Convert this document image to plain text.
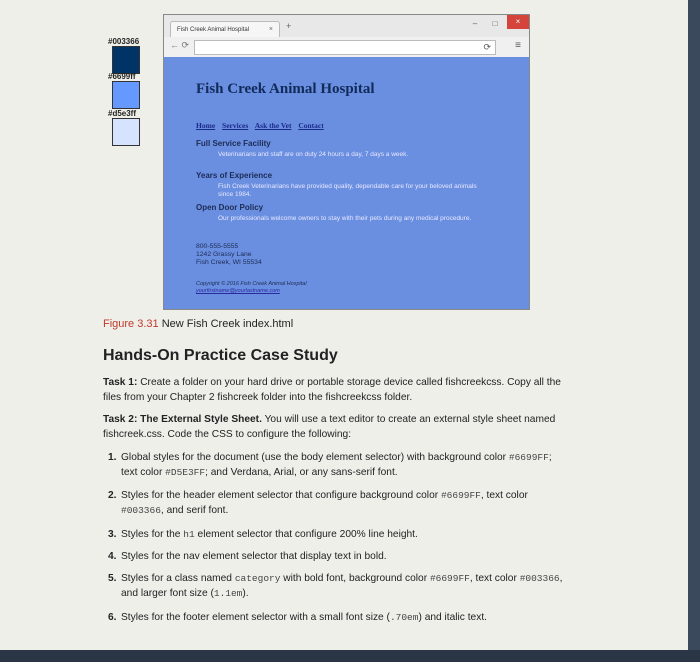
#003366
#6699ff
#d5e3ff
Fish Creek Animal Hospital	× +	–	□	×
← ⟳	⟳ ≡
Fish Creek Animal Hospital
Home Services Ask the Vet Contact
Full Service Facility
Veterinarians and staff are on duty 24 hours a day, 7 days a week.
Years of Experience
Fish Creek Veterinarians have provided quality, dependable care for your beloved animals since 1984.
Open Door Policy
Our professionals welcome owners to stay with their pets during any medical procedure.
800-555-5555
1242 Grassy Lane
Fish Creek, WI 55534
Copyright © 2016 Fish Creek Animal Hospital
yourfirstname@yourlastname.com
Figure 3.31 New Fish Creek index.html
Hands-On Practice Case Study
Task 1: Create a folder on your hard drive or portable storage device called fishcreekcss. Copy all the files from your Chapter 2 fishcreek folder into the fishcreekcss folder.
Task 2: The External Style Sheet. You will use a text editor to create an external style sheet named fishcreek.css. Code the CSS to configure the following:
1. Global styles for the document (use the body element selector) with background color #6699FF; text color #D5E3FF; and Verdana, Arial, or any sans-serif font.
2. Styles for the header element selector that configure background color #6699FF, text color #003366, and serif font.
3. Styles for the h1 element selector that configure 200% line height.
4. Styles for the nav element selector that display text in bold.
5. Styles for a class named category with bold font, background color #6699FF, text color #003366, and larger font size (1.1em).
6. Styles for the footer element selector with a small font size (.70em) and italic text.
